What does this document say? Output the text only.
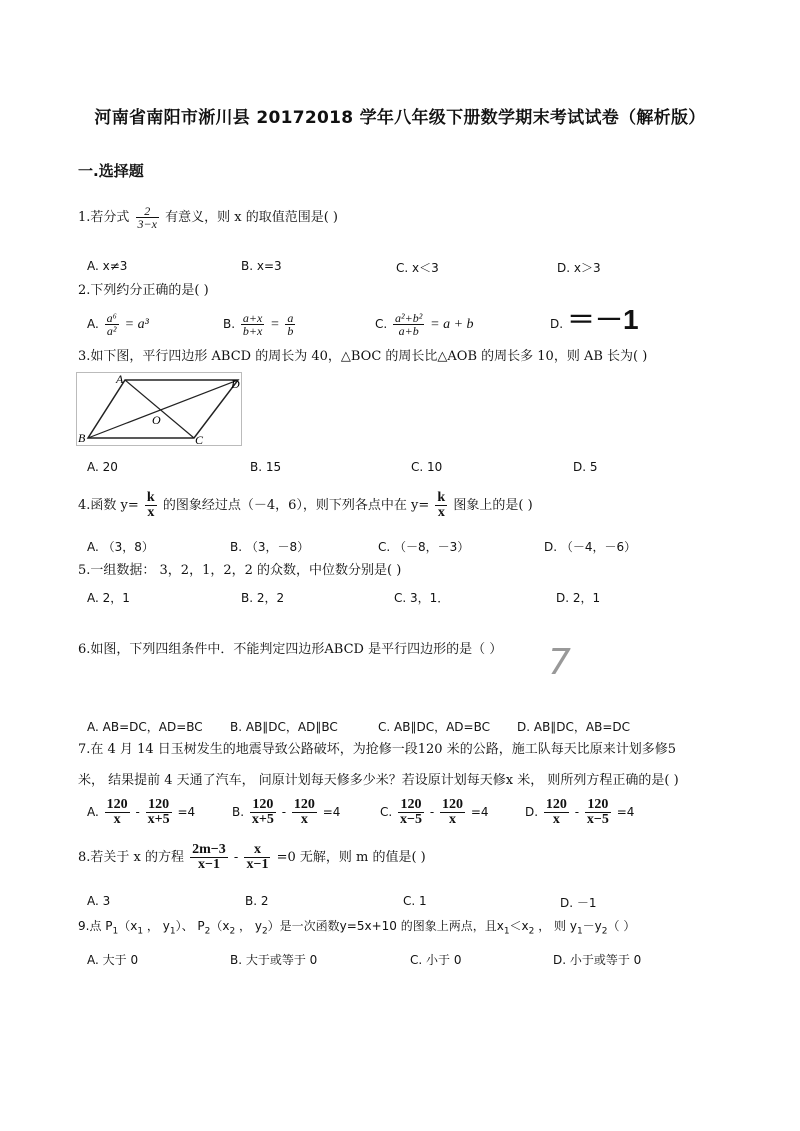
河南省南阳市淅川县 20172018 学年八年级下册数学期末考试试卷（解析版）
一.选择题
1.若分式 $\frac{2}{3-x}$ 有意义，则 x 的取值范围是( )
A. x≠3	B. x=3	C. x＜3	D. x＞3
2.下列约分正确的是( )
A. $\frac{\text{a⁶}}{\text{a²}} = a^3$	B. $\frac{a+x}{b+x} = \frac{a}{b}$	C. $\frac{\text{a²+b²}}{a+b} = a + b$	D. ＝－1
3.如下图，平行四边形 ABCD 的周长为 40，△BOC 的周长比△AOB 的周长多 10，则 AB 长为( )
A	D
B	C
O
A. 20	B. 15	C. 10	D. 5
4.函数 $y= \frac{k}{x}$ 的图象经过点（－4，6），则下列各点中在 $y= \frac{k}{x}$ 图象上的是( )
A. （3，8）	B. （3，－8）	C. （－8，－3）	D. （－4，－6）
5.一组数据： 3，2，1，2，2 的众数，中位数分别是( )
A. 2，1	B. 2，2	C. 3，1．	D. 2，1
6.如图，下列四组条件中．不能判定四边形ABCD 是平行四边形的是（ ） 7
A. AB=DC，AD=BC B. AB∥DC，AD∥BC	C. AB∥DC，AD=BC D. AB∥DC，AB=DC
7.在 4 月 14 日玉树发生的地震导致公路破坏，为抢修一段120 米的公路，施工队每天比原来计划多修5
米， 结果提前 4 天通了汽车， 问原计划每天修多少米？若设原计划每天修x 米， 则所列方程正确的是( )
A. $\frac{120}{x} - \frac{120}{x+5} =4$	B. $\frac{120}{x+5} - \frac{120}{x} =4$	C. $\frac{120}{x-5} - \frac{120}{x} =4$	D. $\frac{120}{x} - \frac{120}{x-5} =4$
8.若关于 x 的方程 $\frac{2m-3}{x-1} - \frac{x}{x-1} =0$ 无解，则 m 的值是( )
A. 3	B. 2	C. 1	D. －1
9.点 $P_1(x_1$ ， $y_1$）、 $P_2(x_2$ ， $y_2$）是一次函数y=5x+10 的图象上两点，且$x_1<x_2$ ， 则 $y_1-y_2$（ ）
A. 大于 0	B. 大于或等于 0	C. 小于 0	D. 小于或等于 0
